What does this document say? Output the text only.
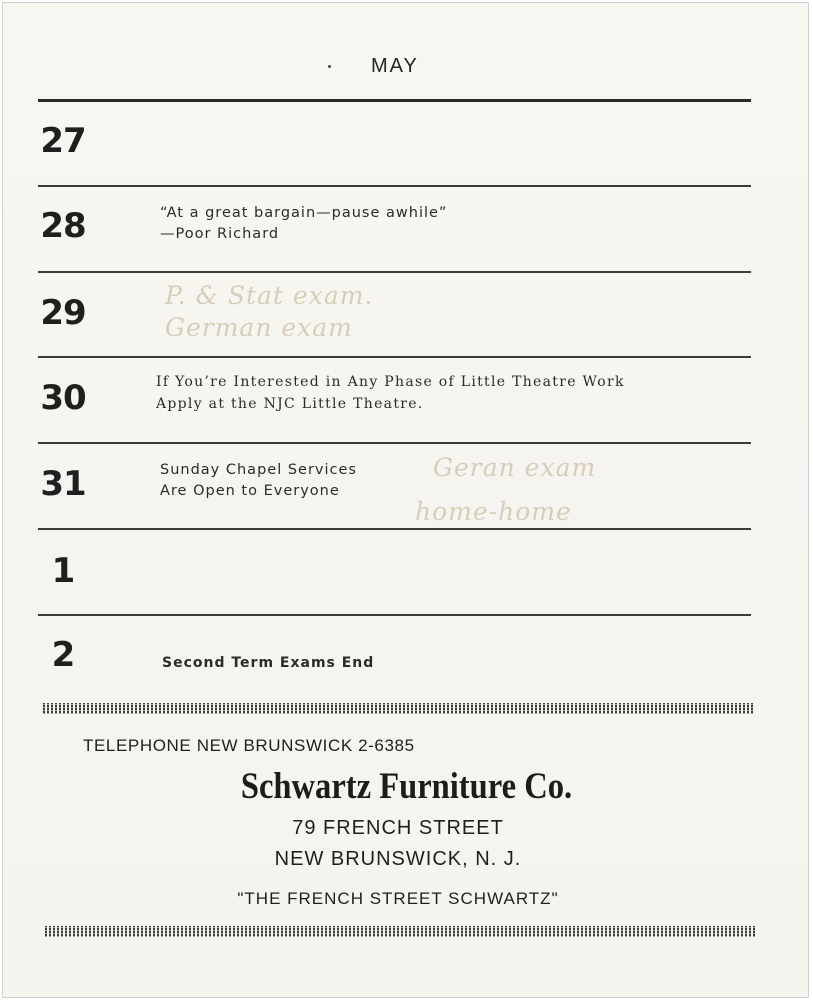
MAY
27
28	“At a great bargain—pause awhile”
—Poor Richard
29	P. & Stat exam.
German exam
30	If You’re Interested in Any Phase of Little Theatre Work
Apply at the NJC Little Theatre.
31	Sunday Chapel Services
Are Open to Everyone
Geran exam
home-home
1
2	Second Term Exams End
TELEPHONE NEW BRUNSWICK 2-6385
Schwartz Furniture Co.
79 FRENCH STREET
NEW BRUNSWICK, N. J.
"THE FRENCH STREET SCHWARTZ"
